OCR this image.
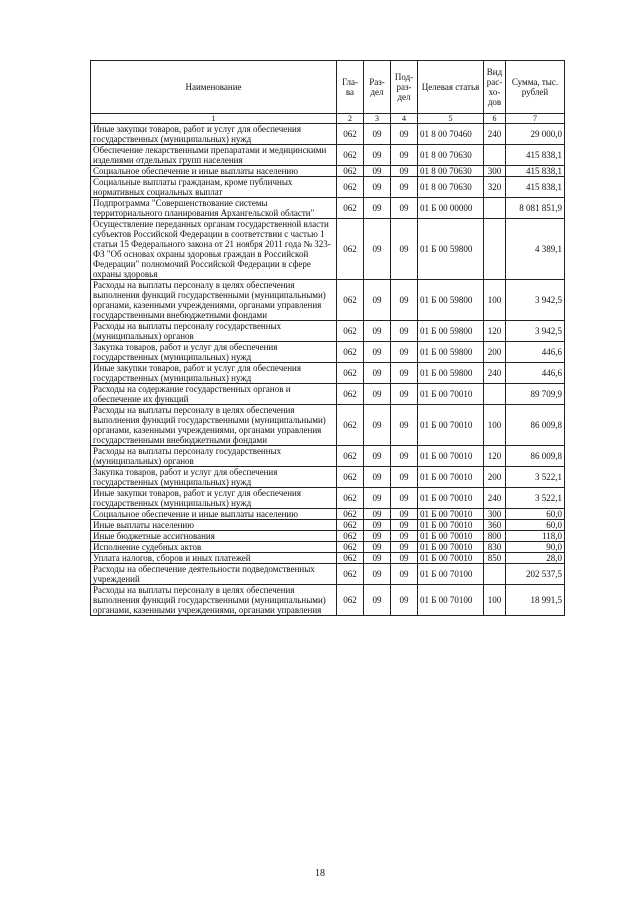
Наименование	Гла-ва	Раз-дел	Под-раз-дел	Целевая статья	Вид рас-хо-дов	Сумма, тыс. рублей
1	2	3	4	5	6	7
Иные закупки товаров, работ и услуг для обеспечения государственных (муниципальных) нужд	062	09	09	01 8 00 70460	240	29 000,0
Обеспечение лекарственными препаратами и медицинскими изделиями отдельных групп населения	062	09	09	01 8 00 70630		415 838,1
Социальное обеспечение и иные выплаты населению	062	09	09	01 8 00 70630	300	415 838,1
Социальные выплаты гражданам, кроме публичных нормативных социальных выплат	062	09	09	01 8 00 70630	320	415 838,1
Подпрограмма "Совершенствование системы территориального планирования Архангельской области"	062	09	09	01 Б 00 00000		8 081 851,9
Осуществление переданных органам государственной власти субъектов Российской Федерации в соответствии с частью 1 статьи 15 Федерального закона от 21 ноября 2011 года № 323-ФЗ "Об основах охраны здоровья граждан в Российской Федерации" полномочий Российской Федерации в сфере охраны здоровья	062	09	09	01 Б 00 59800		4 389,1
Расходы на выплаты персоналу в целях обеспечения выполнения функций государственными (муниципальными) органами, казенными учреждениями, органами управления государственными внебюджетными фондами	062	09	09	01 Б 00 59800	100	3 942,5
Расходы на выплаты персоналу государственных (муниципальных) органов	062	09	09	01 Б 00 59800	120	3 942,5
Закупка товаров, работ и услуг для обеспечения государственных (муниципальных) нужд	062	09	09	01 Б 00 59800	200	446,6
Иные закупки товаров, работ и услуг для обеспечения государственных (муниципальных) нужд	062	09	09	01 Б 00 59800	240	446,6
Расходы на содержание государственных органов и обеспечение их функций	062	09	09	01 Б 00 70010		89 709,9
Расходы на выплаты персоналу в целях обеспечения выполнения функций государственными (муниципальными) органами, казенными учреждениями, органами управления государственными внебюджетными фондами	062	09	09	01 Б 00 70010	100	86 009,8
Расходы на выплаты персоналу государственных (муниципальных) органов	062	09	09	01 Б 00 70010	120	86 009,8
Закупка товаров, работ и услуг для обеспечения государственных (муниципальных) нужд	062	09	09	01 Б 00 70010	200	3 522,1
Иные закупки товаров, работ и услуг для обеспечения государственных (муниципальных) нужд	062	09	09	01 Б 00 70010	240	3 522,1
Социальное обеспечение и иные выплаты населению	062	09	09	01 Б 00 70010	300	60,0
Иные выплаты населению	062	09	09	01 Б 00 70010	360	60,0
Иные бюджетные ассигнования	062	09	09	01 Б 00 70010	800	118,0
Исполнение судебных актов	062	09	09	01 Б 00 70010	830	90,0
Уплата налогов, сборов и иных платежей	062	09	09	01 Б 00 70010	850	28,0
Расходы на обеспечение деятельности подведомственных учреждений	062	09	09	01 Б 00 70100		202 537,5
Расходы на выплаты персоналу в целях обеспечения выполнения функций государственными (муниципальными) органами, казенными учреждениями, органами управления	062	09	09	01 Б 00 70100	100	18 991,5
18
